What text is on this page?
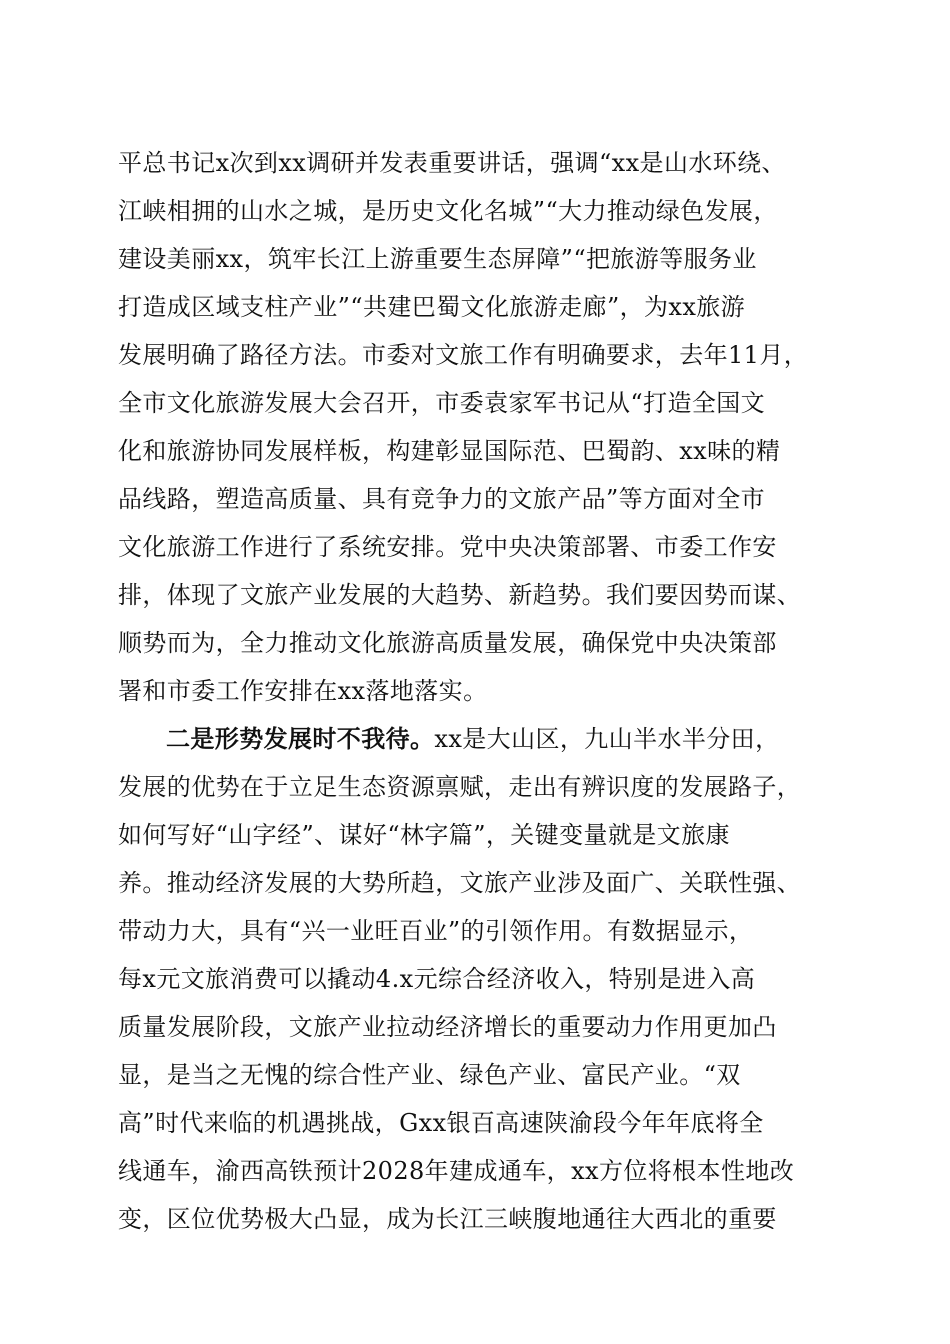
平总书记x次到xx调研并发表重要讲话，强调“xx是山水环绕、
江峡相拥的山水之城，是历史文化名城”“大力推动绿色发展，
建设美丽xx，筑牢长江上游重要生态屏障”“把旅游等服务业
打造成区域支柱产业”“共建巴蜀文化旅游走廊”，为xx旅游
发展明确了路径方法。市委对文旅工作有明确要求，去年11月，
全市文化旅游发展大会召开，市委袁家军书记从“打造全国文
化和旅游协同发展样板，构建彰显国际范、巴蜀韵、xx味的精
品线路，塑造高质量、具有竞争力的文旅产品”等方面对全市
文化旅游工作进行了系统安排。党中央决策部署、市委工作安
排，体现了文旅产业发展的大趋势、新趋势。我们要因势而谋、
顺势而为，全力推动文化旅游高质量发展，确保党中央决策部
署和市委工作安排在xx落地落实。
二是形势发展时不我待。xx是大山区，九山半水半分田，
发展的优势在于立足生态资源禀赋，走出有辨识度的发展路子，
如何写好“山字经”、谋好“林字篇”，关键变量就是文旅康
养。推动经济发展的大势所趋，文旅产业涉及面广、关联性强、
带动力大，具有“兴一业旺百业”的引领作用。有数据显示，
每x元文旅消费可以撬动4.x元综合经济收入，特别是进入高
质量发展阶段，文旅产业拉动经济增长的重要动力作用更加凸
显，是当之无愧的综合性产业、绿色产业、富民产业。“双
高”时代来临的机遇挑战，Gxx银百高速陕渝段今年年底将全
线通车，渝西高铁预计2028年建成通车，xx方位将根本性地改
变，区位优势极大凸显，成为长江三峡腹地通往大西北的重要
